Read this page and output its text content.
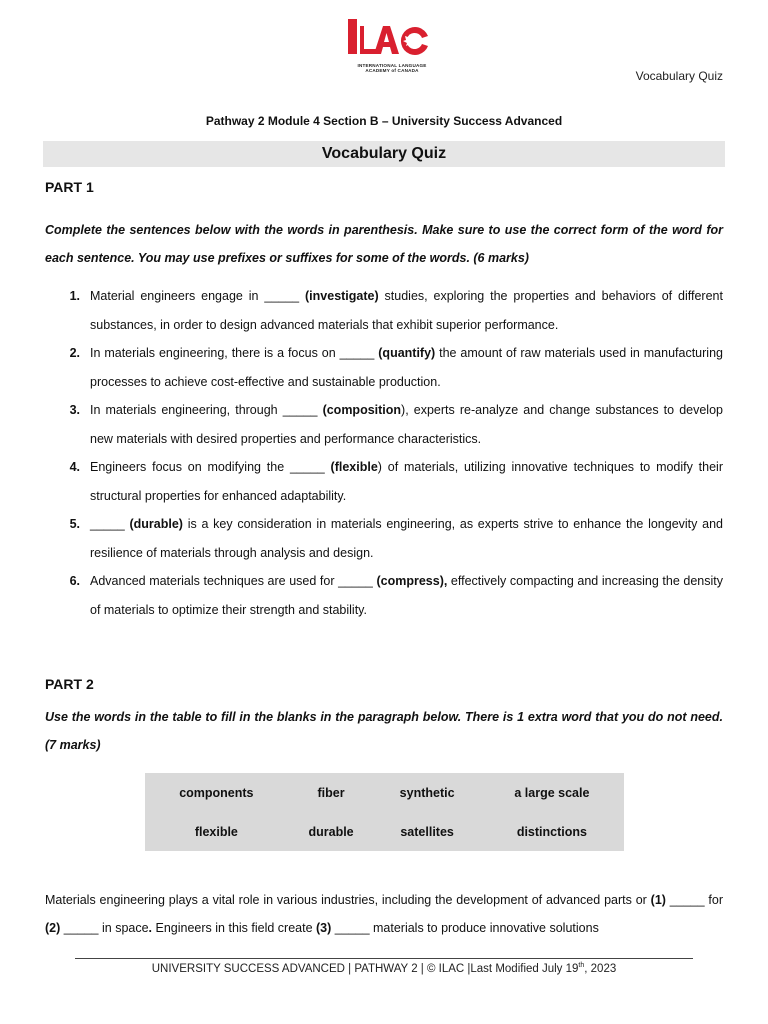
INTERNATIONAL LANGUAGE
ACADEMY of CANADA	Vocabulary Quiz
Pathway 2 Module 4 Section B – University Success Advanced
Vocabulary Quiz
PART 1

Complete the sentences below with the words in parenthesis. Make sure to use the correct form of the word for each sentence. You may use prefixes or suffixes for some of the words. (6 marks)

1. Material engineers engage in _____ (investigate) studies, exploring the properties and behaviors of different substances, in order to design advanced materials that exhibit superior performance.
2. In materials engineering, there is a focus on _____ (quantify) the amount of raw materials used in manufacturing processes to achieve cost-effective and sustainable production.
3. In materials engineering, through _____ (composition), experts re-analyze and change substances to develop new materials with desired properties and performance characteristics.
4. Engineers focus on modifying the _____ (flexible) of materials, utilizing innovative techniques to modify their structural properties for enhanced adaptability.
5. _____ (durable) is a key consideration in materials engineering, as experts strive to enhance the longevity and resilience of materials through analysis and design.
6. Advanced materials techniques are used for _____ (compress), effectively compacting and increasing the density of materials to optimize their strength and stability.
PART 2

Use the words in the table to fill in the blanks in the paragraph below. There is 1 extra word that you do not need. (7 marks)

components	fiber	synthetic	a large scale
flexible	durable	satellites	distinctions

Materials engineering plays a vital role in various industries, including the development of advanced parts or (1) _____ for (2) _____ in space. Engineers in this field create (3) _____ materials to produce innovative solutions

UNIVERSITY SUCCESS ADVANCED | PATHWAY 2 | © ILAC |Last Modified July 19th, 2023
